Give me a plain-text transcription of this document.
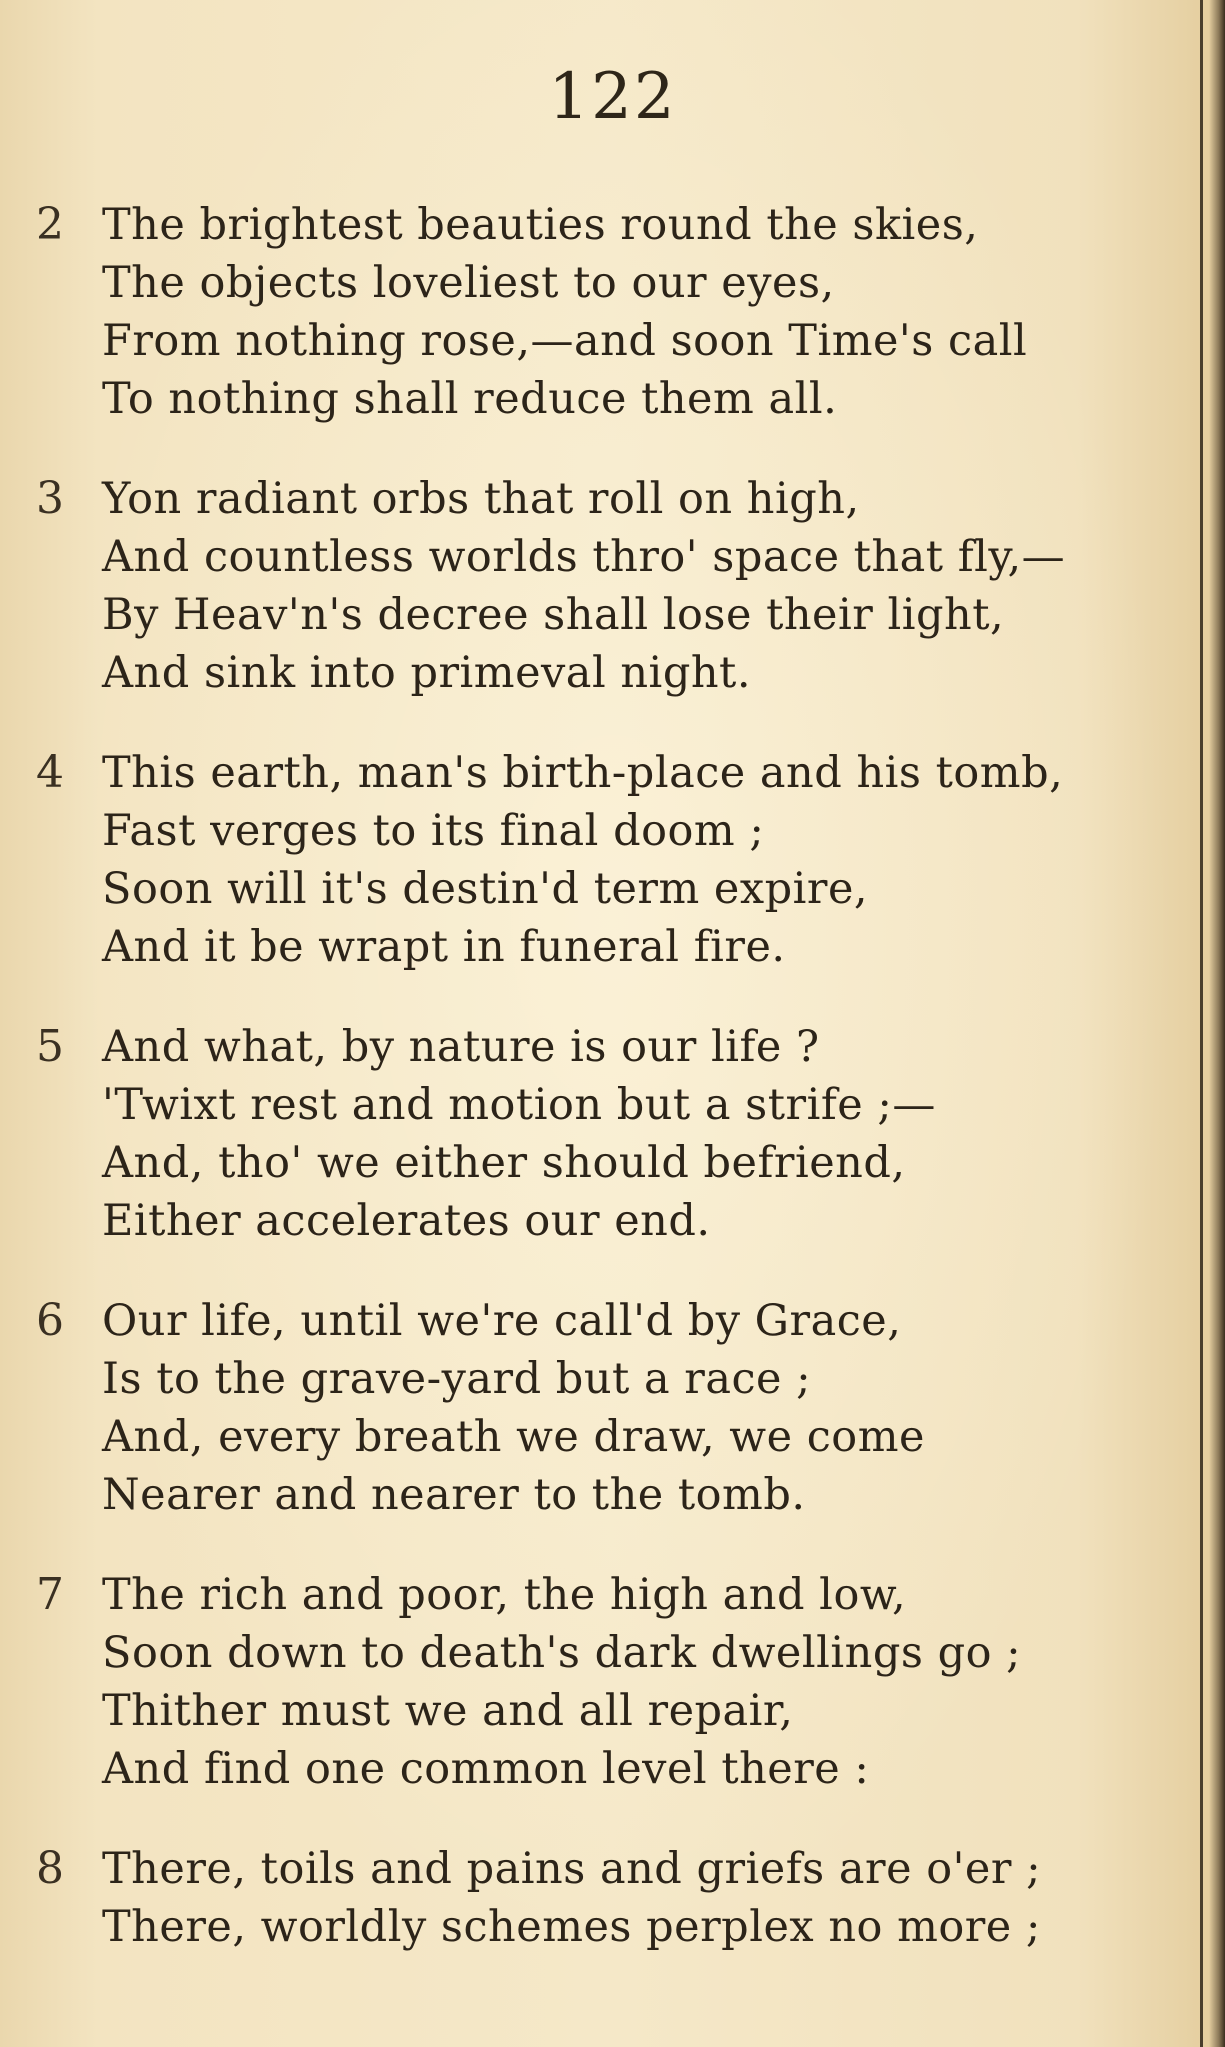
122
2 The brightest beauties round the skies,
The objects loveliest to our eyes,
From nothing rose,—and soon Time's call
To nothing shall reduce them all.
3 Yon radiant orbs that roll on high,
And countless worlds thro' space that fly,—
By Heav'n's decree shall lose their light,
And sink into primeval night.
4 This earth, man's birth-place and his tomb,
Fast verges to its final doom ;
Soon will it's destin'd term expire,
And it be wrapt in funeral fire.
5 And what, by nature is our life ?
'Twixt rest and motion but a strife ;—
And, tho' we either should befriend,
Either accelerates our end.
6 Our life, until we're call'd by Grace,
Is to the grave-yard but a race ;
And, every breath we draw, we come
Nearer and nearer to the tomb.
7 The rich and poor, the high and low,
Soon down to death's dark dwellings go ;
Thither must we and all repair,
And find one common level there :
8 There, toils and pains and griefs are o'er ;
There, worldly schemes perplex no more ;
